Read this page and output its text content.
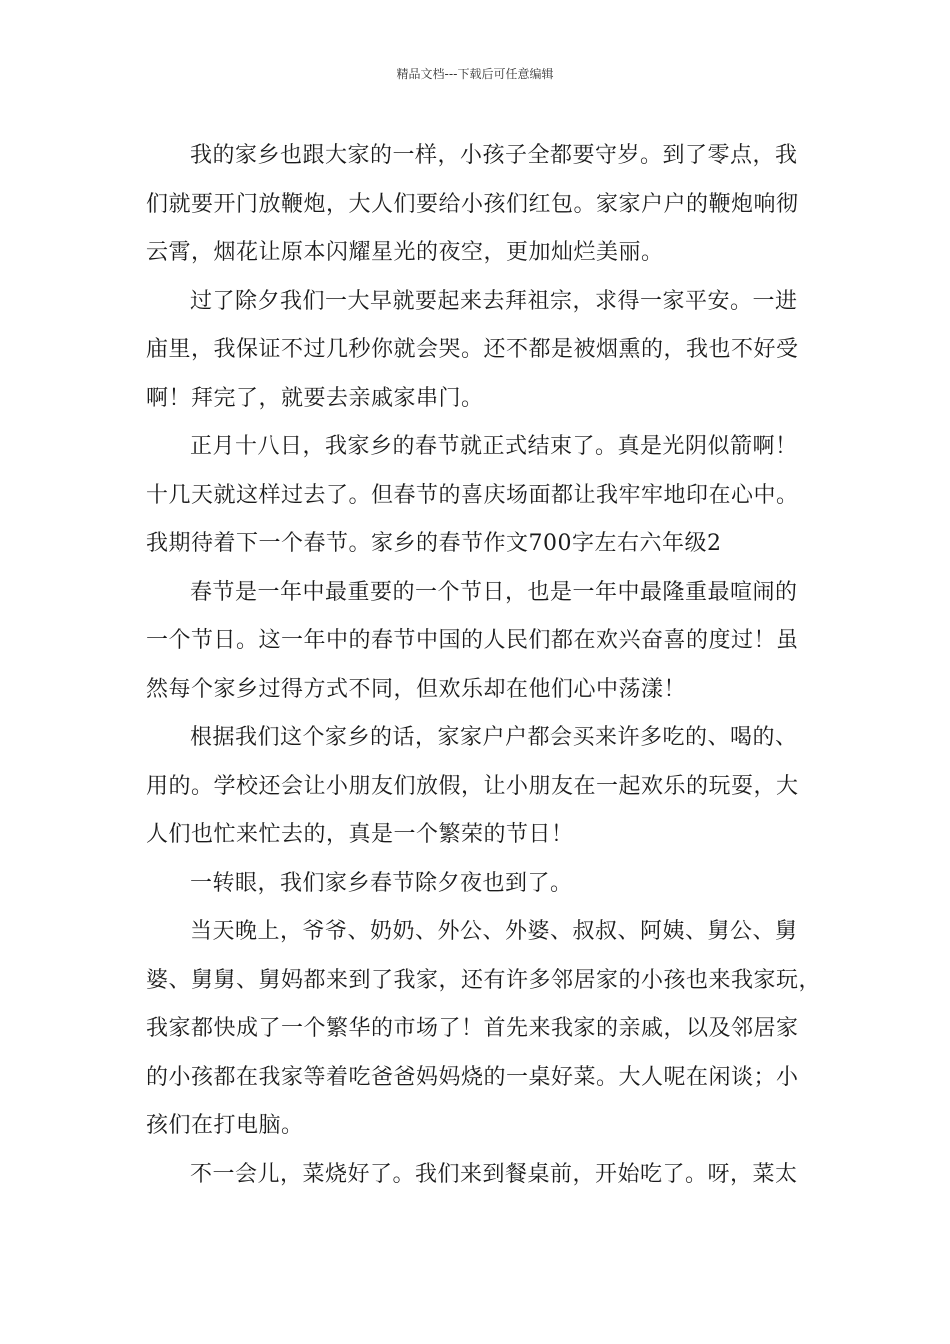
精品文档---下载后可任意编辑

我的家乡也跟大家的一样，小孩子全都要守岁。到了零点，我
们就要开门放鞭炮，大人们要给小孩们红包。家家户户的鞭炮响彻
云霄，烟花让原本闪耀星光的夜空，更加灿烂美丽。

过了除夕我们一大早就要起来去拜祖宗，求得一家平安。一进
庙里，我保证不过几秒你就会哭。还不都是被烟熏的，我也不好受
啊！拜完了，就要去亲戚家串门。

正月十八日，我家乡的春节就正式结束了。真是光阴似箭啊！
十几天就这样过去了。但春节的喜庆场面都让我牢牢地印在心中。
我期待着下一个春节。家乡的春节作文700字左右六年级2

春节是一年中最重要的一个节日，也是一年中最隆重最喧闹的
一个节日。这一年中的春节中国的人民们都在欢兴奋喜的度过！虽
然每个家乡过得方式不同，但欢乐却在他们心中荡漾！

根据我们这个家乡的话，家家户户都会买来许多吃的、喝的、
用的。学校还会让小朋友们放假，让小朋友在一起欢乐的玩耍，大
人们也忙来忙去的，真是一个繁荣的节日！

一转眼，我们家乡春节除夕夜也到了。

当天晚上，爷爷、奶奶、外公、外婆、叔叔、阿姨、舅公、舅
婆、舅舅、舅妈都来到了我家，还有许多邻居家的小孩也来我家玩，
我家都快成了一个繁华的市场了！首先来我家的亲戚，以及邻居家
的小孩都在我家等着吃爸爸妈妈烧的一桌好菜。大人呢在闲谈；小
孩们在打电脑。

不一会儿，菜烧好了。我们来到餐桌前，开始吃了。呀，菜太
